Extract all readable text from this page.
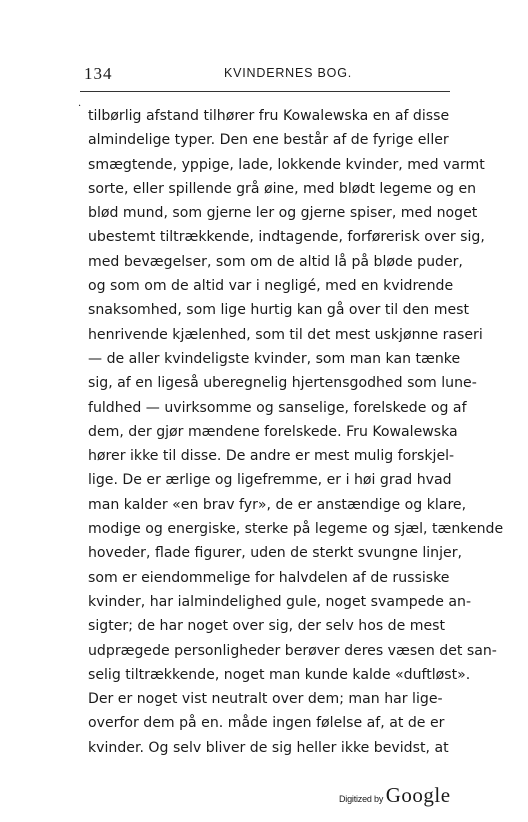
134	KVINDERNES BOG.
·
tilbørlig afstand tilhører fru Kowalewska en af disse
almindelige typer. Den ene består af de fyrige eller
smægtende, yppige, lade, lokkende kvinder, med varmt
sorte, eller spillende grå øine, med blødt legeme og en
blød mund, som gjerne ler og gjerne spiser, med noget
ubestemt tiltrækkende, indtagende, forførerisk over sig,
med bevægelser, som om de altid lå på bløde puder,
og som om de altid var i negligé, med en kvidrende
snaksomhed, som lige hurtig kan gå over til den mest
henrivende kjælenhed, som til det mest uskjønne raseri
— de aller kvindeligste kvinder, som man kan tænke
sig, af en ligeså uberegnelig hjertensgodhed som lune-
fuldhed — uvirksomme og sanselige, forelskede og af
dem, der gjør mændene forelskede. Fru Kowalewska
hører ikke til disse. De andre er mest mulig forskjel-
lige. De er ærlige og ligefremme, er i høi grad hvad
man kalder «en brav fyr», de er anstændige og klare,
modige og energiske, sterke på legeme og sjæl, tænkende
hoveder, flade figurer, uden de sterkt svungne linjer,
som er eiendommelige for halvdelen af de russiske
kvinder, har ialmindelighed gule, noget svampede an-
sigter; de har noget over sig, der selv hos de mest
udprægede personligheder berøver deres væsen det san-
selig tiltrækkende, noget man kunde kalde «duftløst».
Der er noget vist neutralt over dem; man har lige-
overfor dem på en. måde ingen følelse af, at de er
kvinder. Og selv bliver de sig heller ikke bevidst, at
Digitized by Google
